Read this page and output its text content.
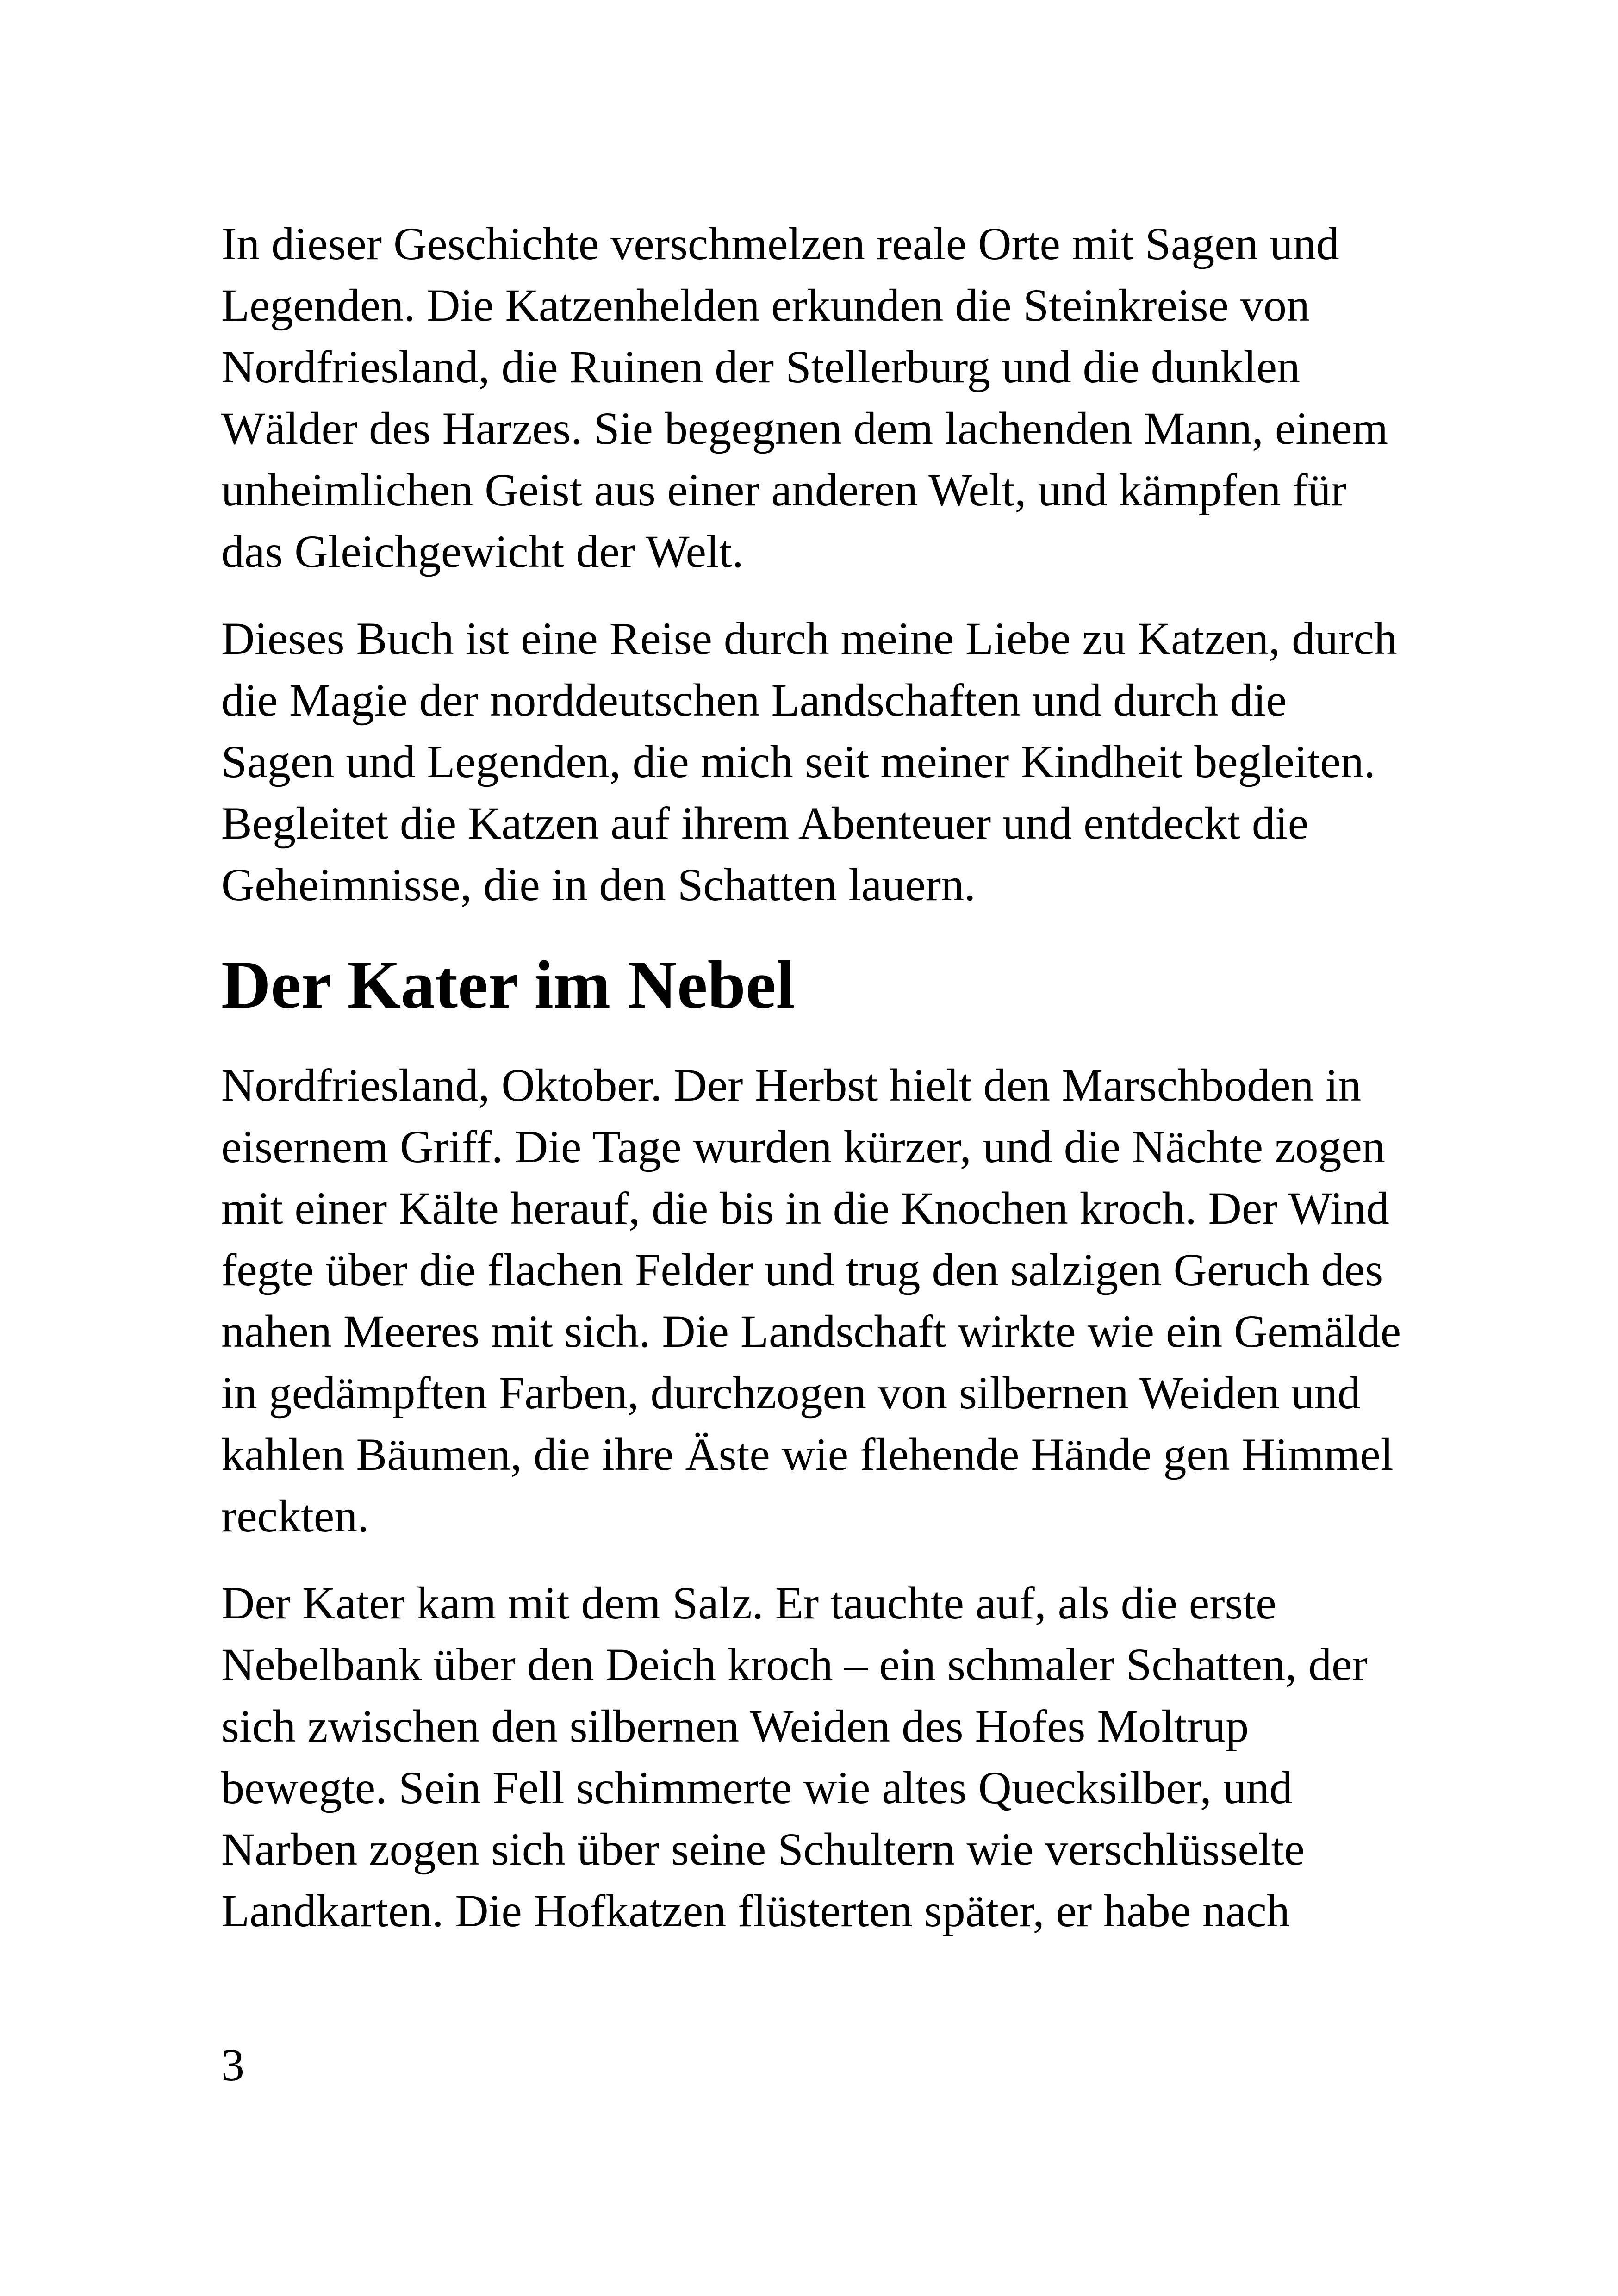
In dieser Geschichte verschmelzen reale Orte mit Sagen und
Legenden. Die Katzenhelden erkunden die Steinkreise von
Nordfriesland, die Ruinen der Stellerburg und die dunklen
Wälder des Harzes. Sie begegnen dem lachenden Mann, einem
unheimlichen Geist aus einer anderen Welt, und kämpfen für
das Gleichgewicht der Welt.

Dieses Buch ist eine Reise durch meine Liebe zu Katzen, durch
die Magie der norddeutschen Landschaften und durch die
Sagen und Legenden, die mich seit meiner Kindheit begleiten.
Begleitet die Katzen auf ihrem Abenteuer und entdeckt die
Geheimnisse, die in den Schatten lauern.

Der Kater im Nebel

Nordfriesland, Oktober. Der Herbst hielt den Marschboden in
eisernem Griff. Die Tage wurden kürzer, und die Nächte zogen
mit einer Kälte herauf, die bis in die Knochen kroch. Der Wind
fegte über die flachen Felder und trug den salzigen Geruch des
nahen Meeres mit sich. Die Landschaft wirkte wie ein Gemälde
in gedämpften Farben, durchzogen von silbernen Weiden und
kahlen Bäumen, die ihre Äste wie flehende Hände gen Himmel
reckten.

Der Kater kam mit dem Salz. Er tauchte auf, als die erste
Nebelbank über den Deich kroch – ein schmaler Schatten, der
sich zwischen den silbernen Weiden des Hofes Moltrup
bewegte. Sein Fell schimmerte wie altes Quecksilber, und
Narben zogen sich über seine Schultern wie verschlüsselte
Landkarten. Die Hofkatzen flüsterten später, er habe nach

3
